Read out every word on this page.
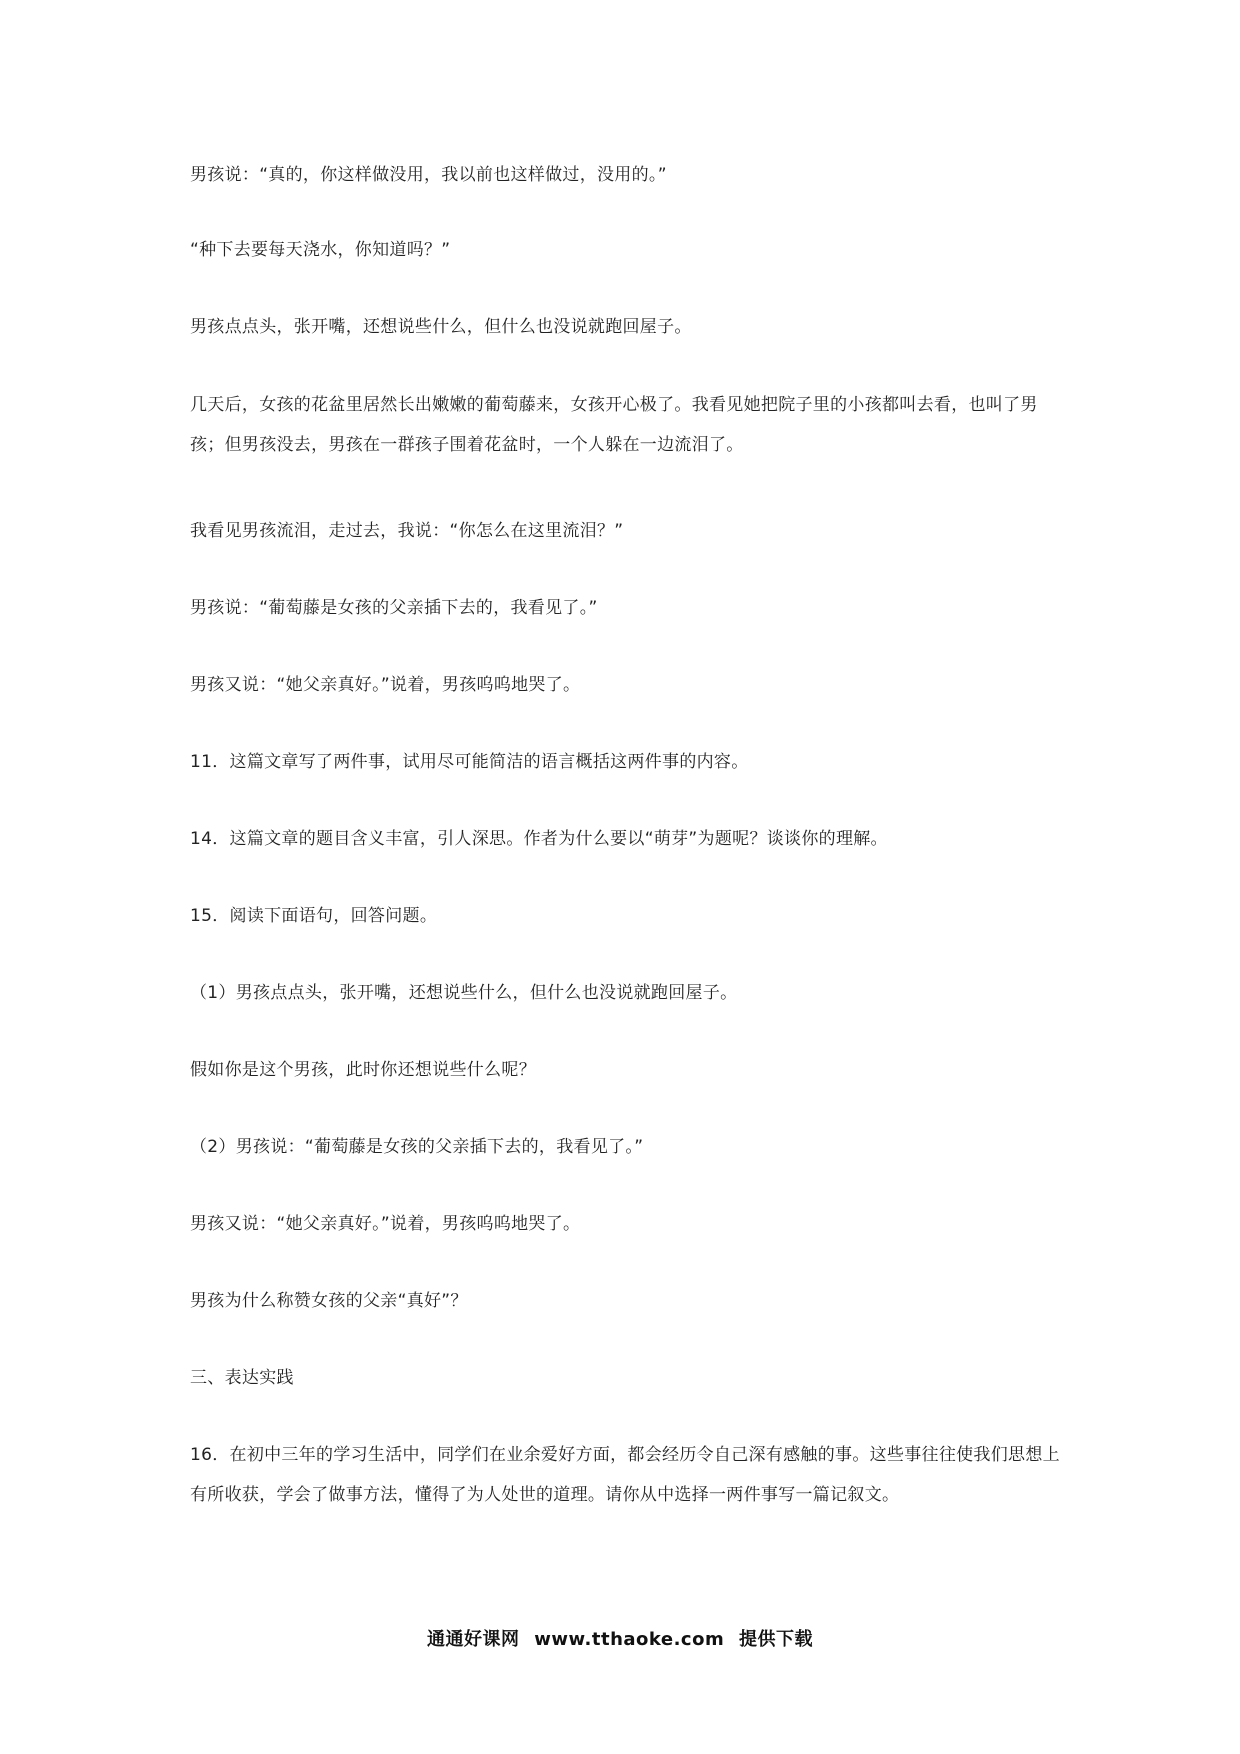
男孩说：“真的，你这样做没用，我以前也这样做过，没用的。”

“种下去要每天浇水，你知道吗？”

男孩点点头，张开嘴，还想说些什么，但什么也没说就跑回屋子。

几天后，女孩的花盆里居然长出嫩嫩的葡萄藤来，女孩开心极了。我看见她把院子里的小孩都叫去看，也叫了男孩；但男孩没去，男孩在一群孩子围着花盆时，一个人躲在一边流泪了。

我看见男孩流泪，走过去，我说：“你怎么在这里流泪？”

男孩说：“葡萄藤是女孩的父亲插下去的，我看见了。”

男孩又说：“她父亲真好。”说着，男孩呜呜地哭了。

11．这篇文章写了两件事，试用尽可能简洁的语言概括这两件事的内容。

14．这篇文章的题目含义丰富，引人深思。作者为什么要以“萌芽”为题呢？谈谈你的理解。

15．阅读下面语句，回答问题。

（1）男孩点点头，张开嘴，还想说些什么，但什么也没说就跑回屋子。

假如你是这个男孩，此时你还想说些什么呢？

（2）男孩说：“葡萄藤是女孩的父亲插下去的，我看见了。”

男孩又说：“她父亲真好。”说着，男孩呜呜地哭了。

男孩为什么称赞女孩的父亲“真好”？

三、表达实践

16．在初中三年的学习生活中，同学们在业余爱好方面，都会经历令自己深有感触的事。这些事往往使我们思想上有所收获，学会了做事方法，懂得了为人处世的道理。请你从中选择一两件事写一篇记叙文。

通通好课网 www.tthaoke.com 提供下载
